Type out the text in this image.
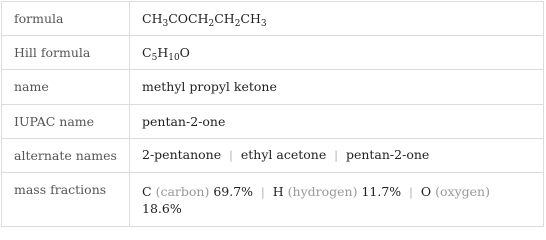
formula	$CH_3COCH_2CH_2CH_3$
Hill formula	$C_5H_{10}O$
name	methyl propyl ketone
IUPAC name	pentan-2-one
alternate names	2-pentanone | ethyl acetone | pentan-2-one
mass fractions	C (carbon) 69.7% | H (hydrogen) 11.7% | O (oxygen) 18.6%
